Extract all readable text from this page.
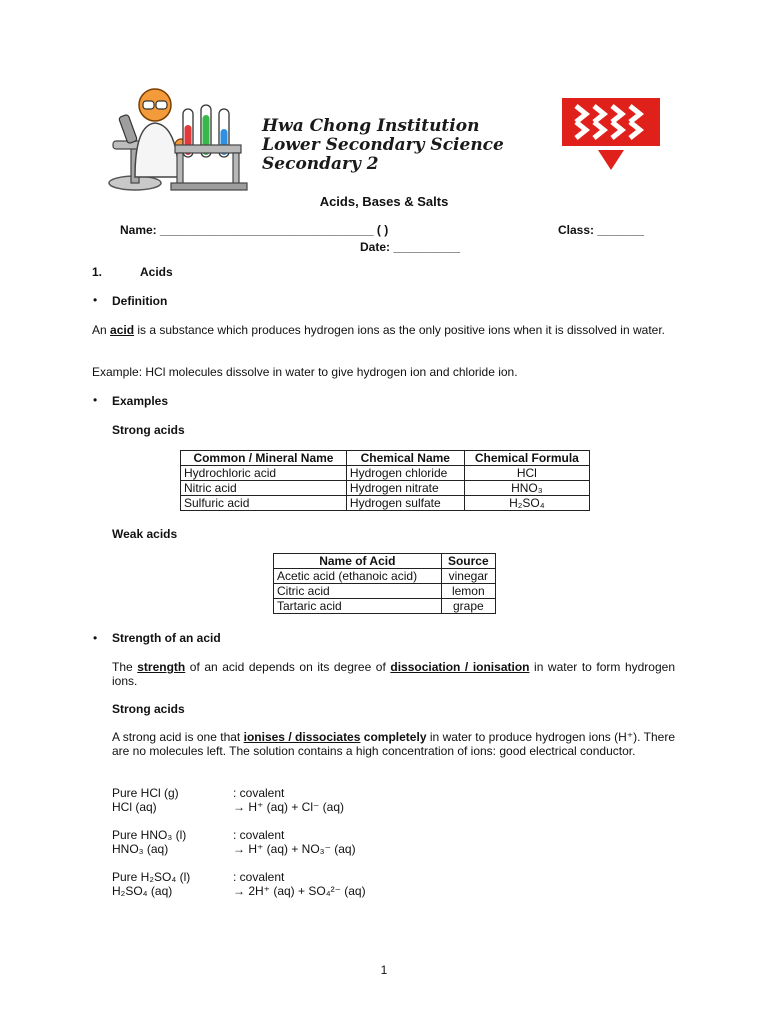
Hwa Chong Institution
Lower Secondary Science
Secondary 2
Acids, Bases & Salts
Name: ________________________________ ( )	Class: _______
Date: __________
1.	Acids
• Definition
An acid is a substance which produces hydrogen ions as the only positive ions when it is dissolved in water.
Example: HCl molecules dissolve in water to give hydrogen ion and chloride ion.
• Examples
Strong acids
Common / Mineral Name	Chemical Name	Chemical Formula
Hydrochloric acid	Hydrogen chloride	HCl
Nitric acid	Hydrogen nitrate	HNO₃
Sulfuric acid	Hydrogen sulfate	H₂SO₄
Weak acids
Name of Acid	Source
Acetic acid (ethanoic acid)	vinegar
Citric acid	lemon
Tartaric acid	grape
• Strength of an acid
The strength of an acid depends on its degree of dissociation / ionisation in water to form hydrogen ions.
Strong acids
A strong acid is one that ionises / dissociates completely in water to produce hydrogen ions (H⁺). There are no molecules left. The solution contains a high concentration of ions: good electrical conductor.
Pure HCl (g)	: covalent
HCl (aq)	→ H⁺ (aq) + Cl⁻ (aq)
Pure HNO₃ (l)	: covalent
HNO₃ (aq)	→ H⁺ (aq) + NO₃⁻ (aq)
Pure H₂SO₄ (l)	: covalent
H₂SO₄ (aq)	→ 2H⁺ (aq) + SO₄²⁻ (aq)
1
